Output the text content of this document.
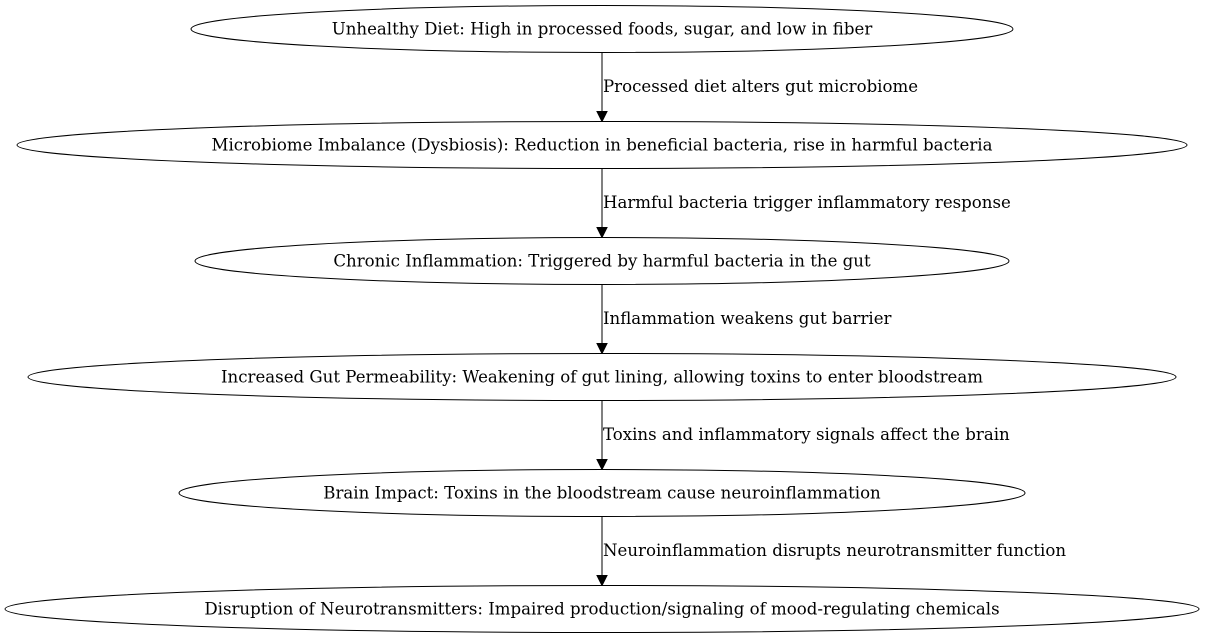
Processed diet alters gut microbiome
Harmful bacteria trigger inflammatory response
Inflammation weakens gut barrier
Toxins and inflammatory signals affect the brain
Neuroinflammation disrupts neurotransmitter function
Unhealthy Diet: High in processed foods, sugar, and low in fiber
Microbiome Imbalance (Dysbiosis): Reduction in beneficial bacteria, rise in harmful bacteria
Chronic Inflammation: Triggered by harmful bacteria in the gut
Increased Gut Permeability: Weakening of gut lining, allowing toxins to enter bloodstream
Brain Impact: Toxins in the bloodstream cause neuroinflammation
Disruption of Neurotransmitters: Impaired production/signaling of mood-regulating chemicals
